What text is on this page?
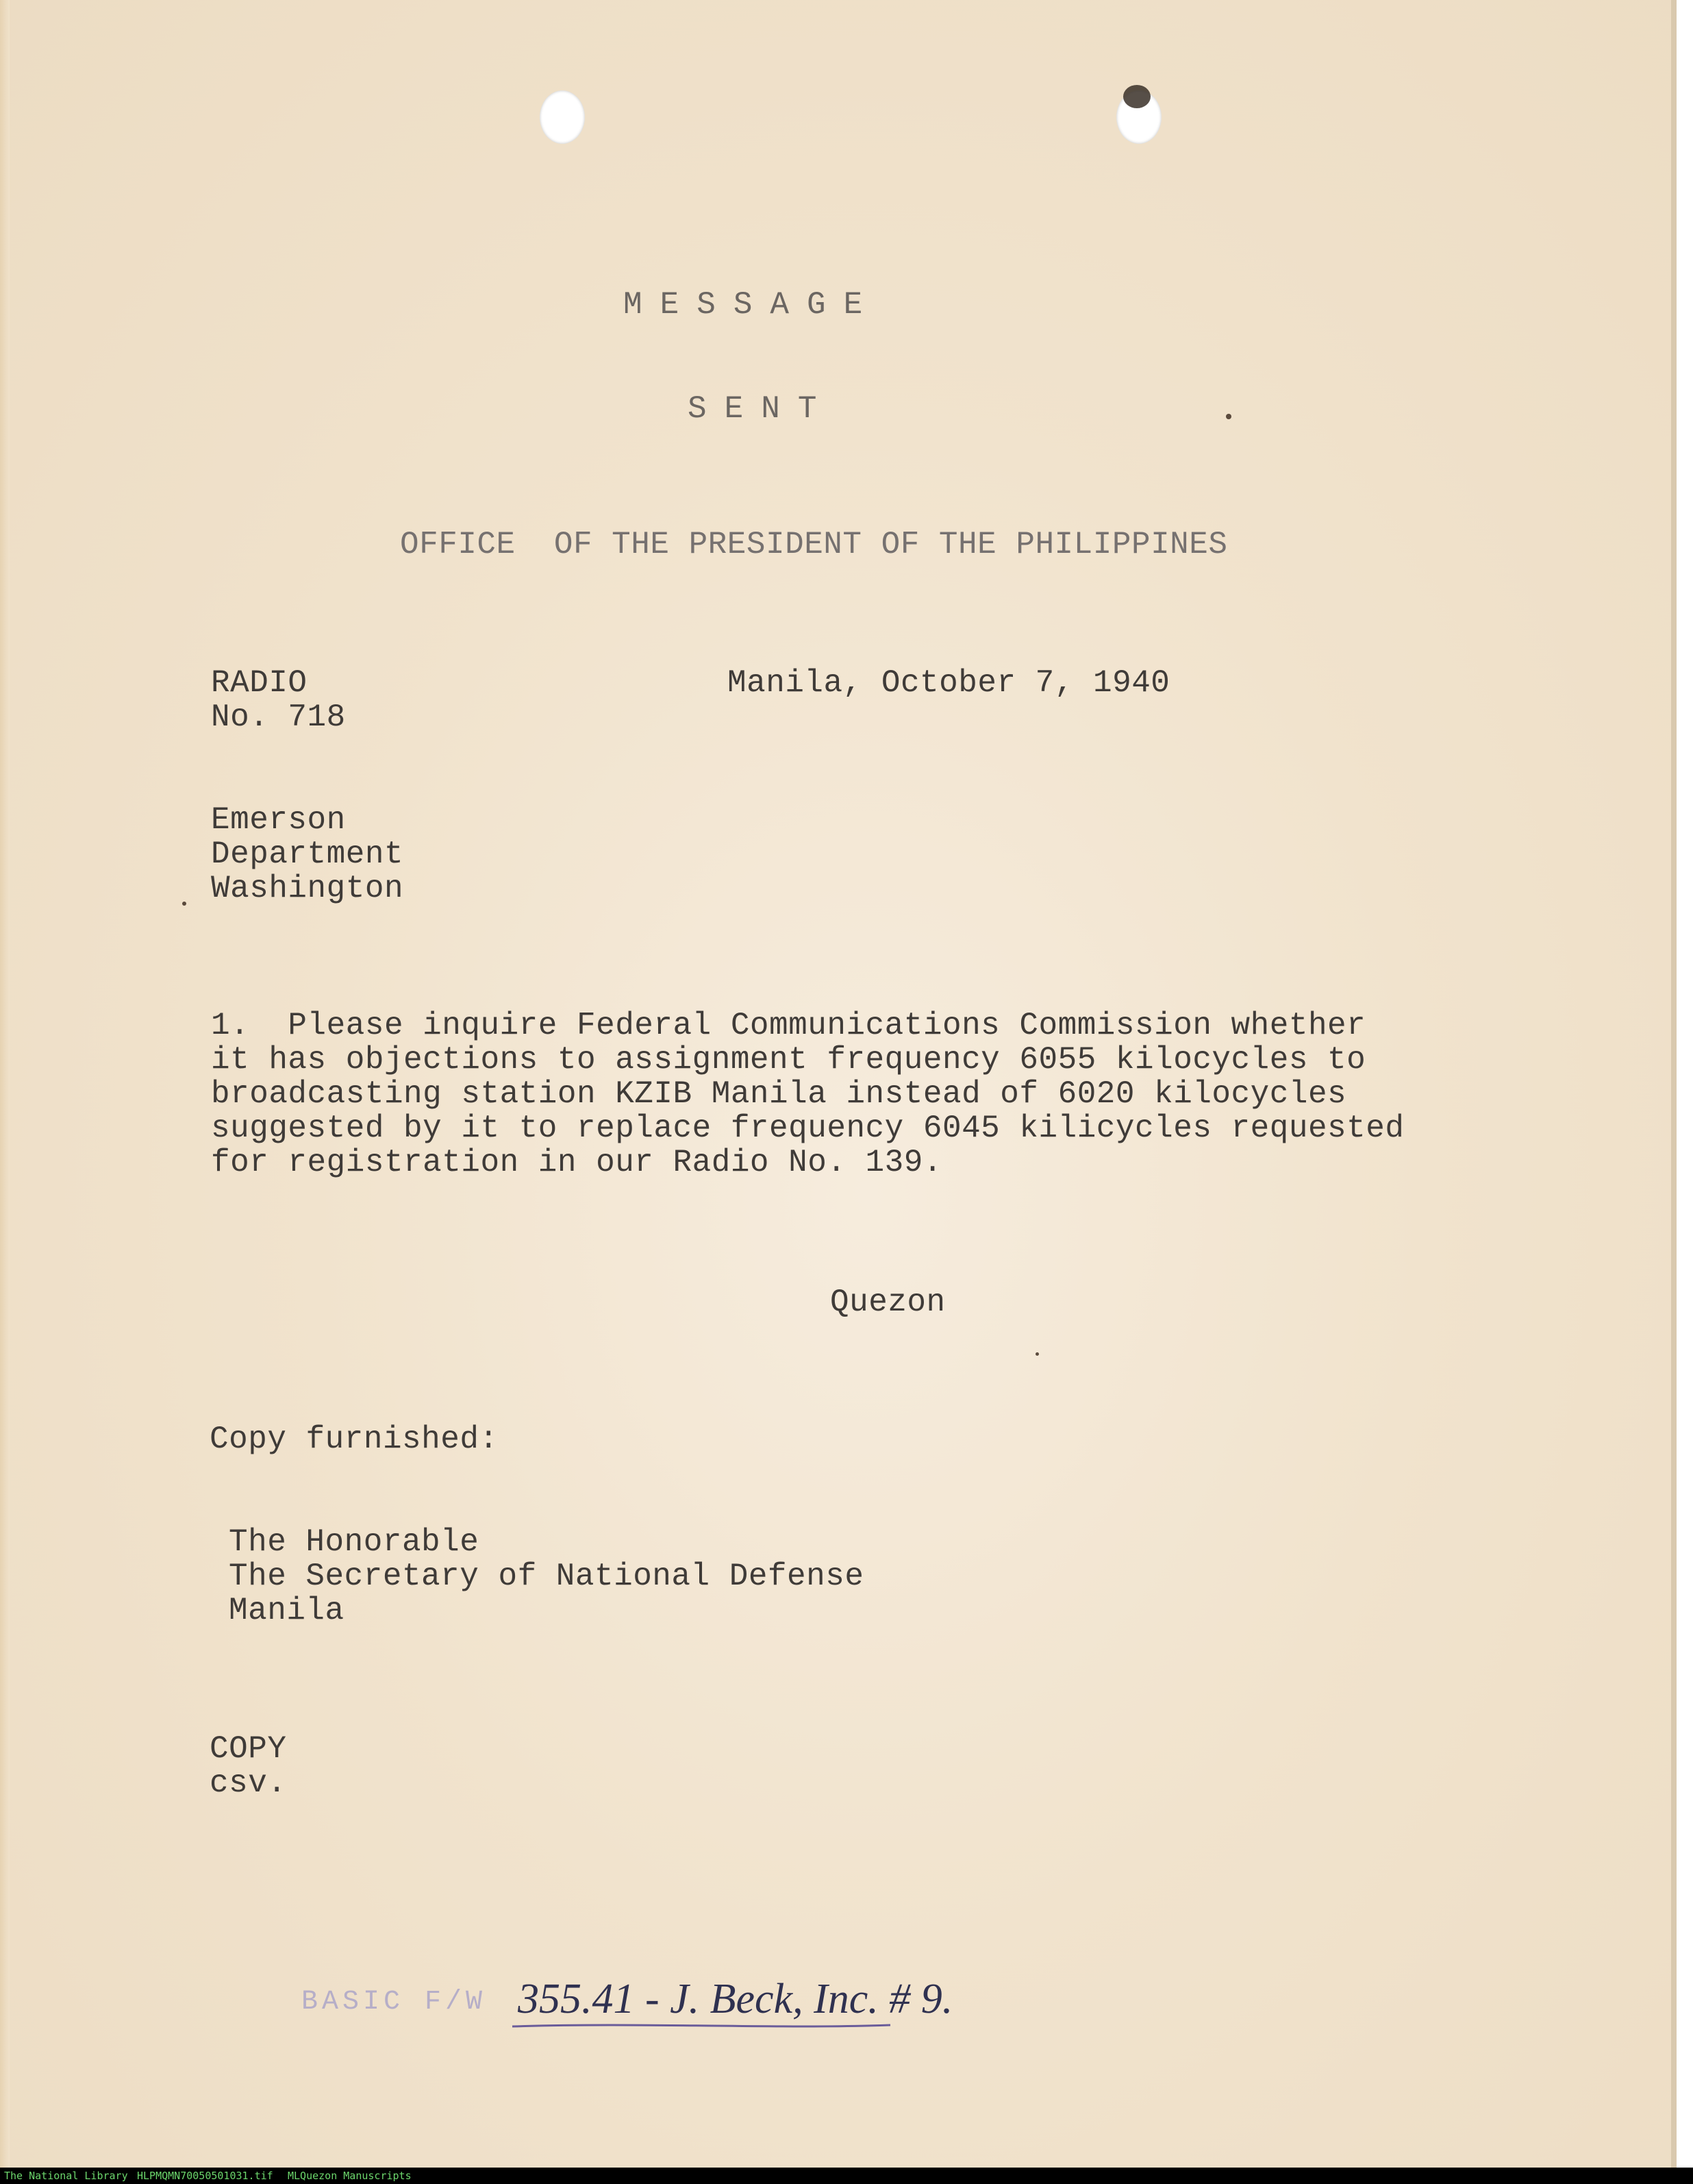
MESSAGE
SENT
OFFICE  OF THE PRESIDENT OF THE PHILIPPINES
RADIO
No. 718
Manila, October 7, 1940
Emerson
Department
Washington
1.  Please inquire Federal Communications Commission whether
it has objections to assignment frequency 6055 kilocycles to
broadcasting station KZIB Manila instead of 6020 kilocycles
suggested by it to replace frequency 6045 kilicycles requested
for registration in our Radio No. 139.
Quezon
Copy furnished:
The Honorable
The Secretary of National Defense
Manila
COPY
csv.
BASIC F/W 355.41 - J. Beck, Inc. # 9.
The National Library HLPMQMN70050501031.tif MLQuezon Manuscripts
